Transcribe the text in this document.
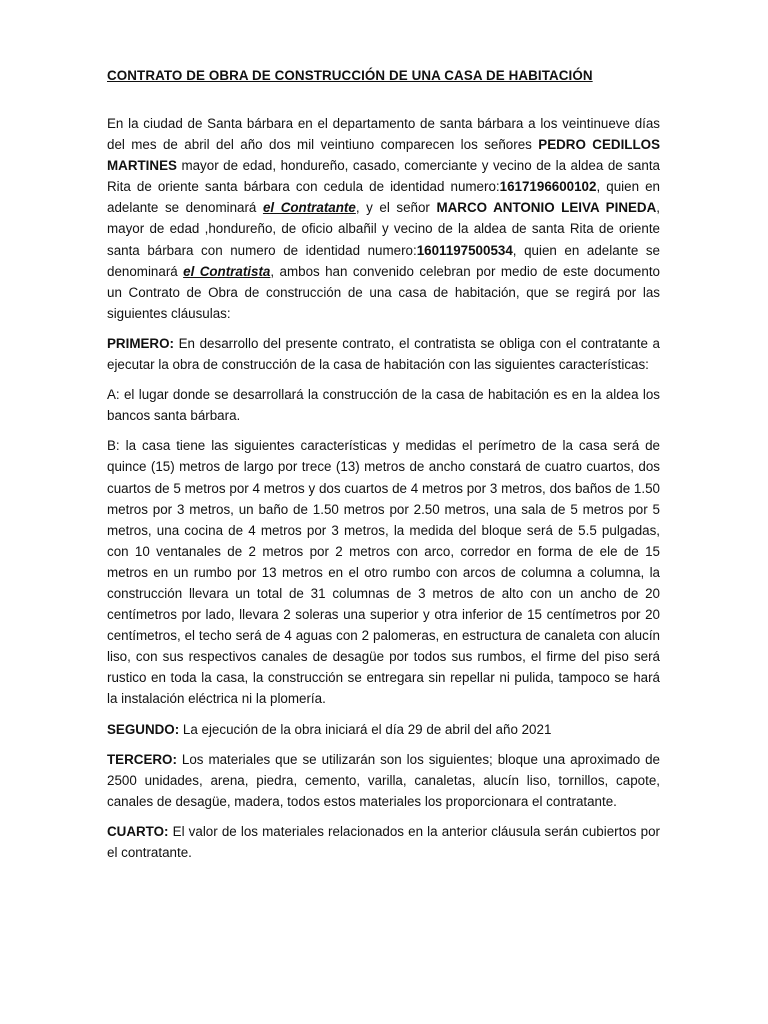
CONTRATO DE OBRA DE CONSTRUCCIÓN DE UNA CASA DE HABITACIÓN

En la ciudad de Santa bárbara en el departamento de santa bárbara a los veintinueve días del mes de abril del año dos mil veintiuno comparecen los señores PEDRO CEDILLOS MARTINES mayor de edad, hondureño, casado, comerciante y vecino de la aldea de santa Rita de oriente santa bárbara con cedula de identidad numero:1617196600102, quien en adelante se denominará el Contratante, y el señor MARCO ANTONIO LEIVA PINEDA, mayor de edad ,hondureño, de oficio albañil y vecino de la aldea de santa Rita de oriente santa bárbara con numero de identidad numero:1601197500534, quien en adelante se denominará el Contratista, ambos han convenido celebran por medio de este documento un Contrato de Obra de construcción de una casa de habitación, que se regirá por las siguientes cláusulas:

PRIMERO: En desarrollo del presente contrato, el contratista se obliga con el contratante a ejecutar la obra de construcción de la casa de habitación con las siguientes características:

A: el lugar donde se desarrollará la construcción de la casa de habitación es en la aldea los bancos santa bárbara.

B: la casa tiene las siguientes características y medidas el perímetro de la casa será de quince (15) metros de largo por trece (13) metros de ancho constará de cuatro cuartos, dos cuartos de 5 metros por 4 metros y dos cuartos de 4 metros por 3 metros, dos baños de 1.50 metros por 3 metros, un baño de 1.50 metros por 2.50 metros, una sala de 5 metros por 5 metros, una cocina de 4 metros por 3 metros, la medida del bloque será de 5.5 pulgadas, con 10 ventanales de 2 metros por 2 metros con arco, corredor en forma de ele de 15 metros en un rumbo por 13 metros en el otro rumbo con arcos de columna a columna, la construcción llevara un total de 31 columnas de 3 metros de alto con un ancho de 20 centímetros por lado, llevara 2 soleras una superior y otra inferior de 15 centímetros por 20 centímetros, el techo será de 4 aguas con 2 palomeras, en estructura de canaleta con alucín liso, con sus respectivos canales de desagüe por todos sus rumbos, el firme del piso será rustico en toda la casa, la construcción se entregara sin repellar ni pulida, tampoco se hará la instalación eléctrica ni la plomería.

SEGUNDO: La ejecución de la obra iniciará el día 29 de abril del año 2021

TERCERO: Los materiales que se utilizarán son los siguientes; bloque una aproximado de 2500 unidades, arena, piedra, cemento, varilla, canaletas, alucín liso, tornillos, capote, canales de desagüe, madera, todos estos materiales los proporcionara el contratante.

CUARTO: El valor de los materiales relacionados en la anterior cláusula serán cubiertos por el contratante.
